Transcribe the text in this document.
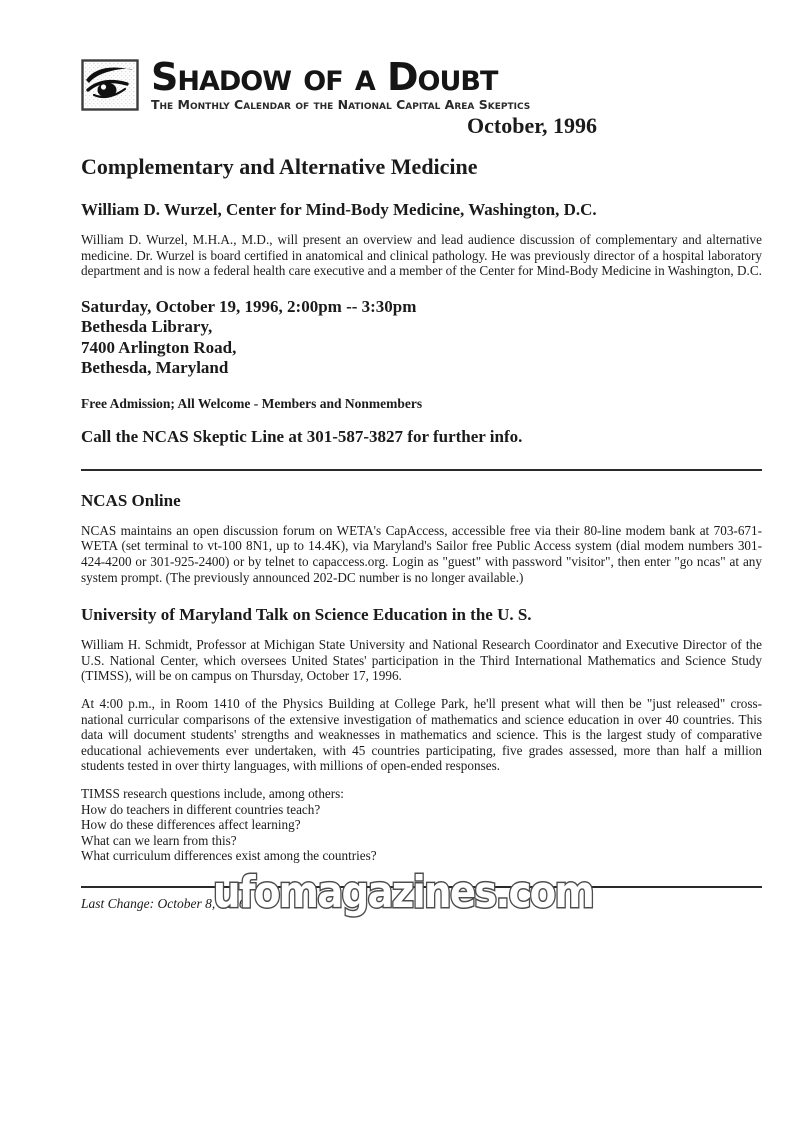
Shadow of a Doubt
The Monthly Calendar of the National Capital Area Skeptics
October, 1996
Complementary and Alternative Medicine
William D. Wurzel, Center for Mind-Body Medicine, Washington, D.C.

William D. Wurzel, M.H.A., M.D., will present an overview and lead audience discussion of complementary and alternative medicine. Dr. Wurzel is board certified in anatomical and clinical pathology. He was previously director of a hospital laboratory department and is now a federal health care executive and a member of the Center for Mind-Body Medicine in Washington, D.C.

Saturday, October 19, 1996, 2:00pm -- 3:30pm
Bethesda Library,
7400 Arlington Road,
Bethesda, Maryland
Free Admission; All Welcome - Members and Nonmembers
Call the NCAS Skeptic Line at 301-587-3827 for further info.
NCAS Online

NCAS maintains an open discussion forum on WETA's CapAccess, accessible free via their 80-line modem bank at 703-671-WETA (set terminal to vt-100 8N1, up to 14.4K), via Maryland's Sailor free Public Access system (dial modem numbers 301-424-4200 or 301-925-2400) or by telnet to capaccess.org. Login as "guest" with password "visitor", then enter "go ncas" at any system prompt. (The previously announced 202-DC number is no longer available.)

University of Maryland Talk on Science Education in the U. S.

William H. Schmidt, Professor at Michigan State University and National Research Coordinator and Executive Director of the U.S. National Center, which oversees United States' participation in the Third International Mathematics and Science Study (TIMSS), will be on campus on Thursday, October 17, 1996.

At 4:00 p.m., in Room 1410 of the Physics Building at College Park, he'll present what will then be "just released" cross-national curricular comparisons of the extensive investigation of mathematics and science education in over 40 countries. This data will document students' strengths and weaknesses in mathematics and science. This is the largest study of comparative educational achievements ever undertaken, with 45 countries participating, five grades assessed, more than half a million students tested in over thirty languages, with millions of open-ended responses.

TIMSS research questions include, among others:
How do teachers in different countries teach?
How do these differences affect learning?
What can we learn from this?
What curriculum differences exist among the countries?
ufomagazines.com
Last Change: October 8, 1996
